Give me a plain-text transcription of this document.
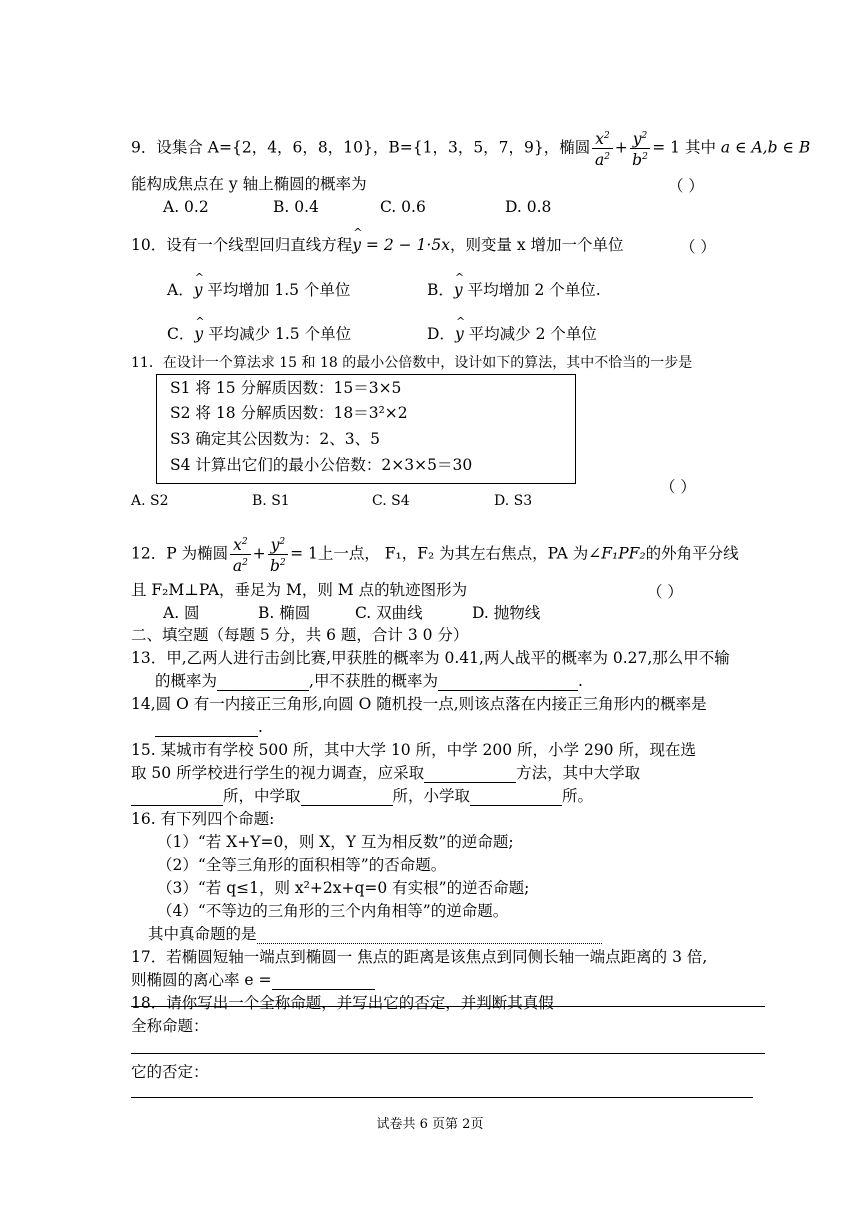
9．设集合 A={2，4，6，8，10}，B={1，3，5，7，9}，椭圆 $\frac{x^2}{a^2} + \frac{y^2}{b^2} = 1$ 其中 a ∈ A,b ∈ B
能构成焦点在 y 轴上椭圆的概率为	（ ）
A. 0.2	B. 0.4	C. 0.6	D. 0.8
10．设有一个线型回归直线方程^ y = 2 − 1·5x，则变量 x 增加一个单位	（ ）
A．^ y 平均增加 1.5 个单位	B．^ y 平均增加 2 个单位.
C．^ y 平均减少 1.5 个单位	D．^ y 平均减少 2 个单位
11．在设计一个算法求 15 和 18 的最小公倍数中，设计如下的算法，其中不恰当的一步是
S1 将 15 分解质因数：15＝3×5
S2 将 18 分解质因数：18＝3²×2
S3 确定其公因数为：2、3、5
S4 计算出它们的最小公倍数：2×3×5＝30
（ ）
A. S2	B. S1	C. S4	D. S3
12．P 为椭圆 $\frac{x^2}{a^2} + \frac{y^2}{b^2} = 1$上一点， F₁，F₂ 为其左右焦点，PA 为∠F₁PF₂的外角平分线
且 F₂M⊥PA，垂足为 M，则 M 点的轨迹图形为	（ ）
A. 圆	B. 椭圆	C. 双曲线	D. 抛物线
二、填空题（每题 5 分，共 6 题，合计 3 0 分）
13．甲,乙两人进行击剑比赛,甲获胜的概率为 0.41,两人战平的概率为 0.27,那么甲不输
的概率为	,甲不获胜的概率为	.
14,圆 O 有一内接正三角形,向圆 O 随机投一点,则该点落在内接正三角形内的概率是
.
15. 某城市有学校 500 所，其中大学 10 所，中学 200 所，小学 290 所，现在选
取 50 所学校进行学生的视力调查，应采取	方法，其中大学取
所，中学取	所，小学取	所。
16. 有下列四个命题:
（1）“若 X+Y=0，则 X，Y 互为相反数”的逆命题;
（2）“全等三角形的面积相等”的否命题。
（3）“若 q≤1，则 x²+2x+q=0 有实根”的逆否命题;
（4）“不等边的三角形的三个内角相等”的逆命题。
其中真命题的是
17．若椭圆短轴一端点到椭圆一 焦点的距离是该焦点到同侧长轴一端点距离的 3 倍,
则椭圆的离心率 e =
18．请你写出一个全称命题，并写出它的否定，并判断其真假
全称命题：
它的否定：
试卷共 6 页第 2页
